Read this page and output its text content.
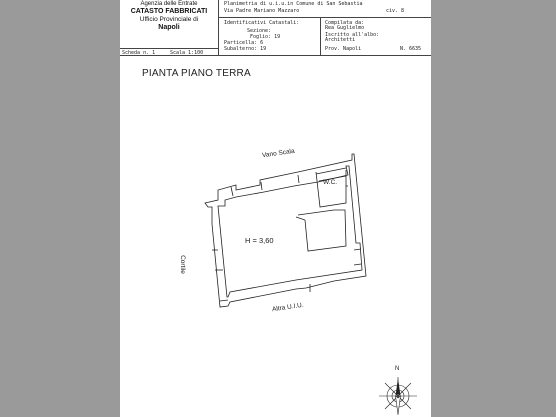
Agenzia delle Entrate
CATASTO FABBRICATI
Ufficio Provinciale di
Napoli
Scheda n. 1	Scala 1:100
Planimetria di u.i.u.in Comune di San Sebastia
Via Padre Mariano Mazzaro	civ. 8
Identificativi Catastali:
Sezione:
Foglio: 19
Particella: 6
Subalterno: 19
Compilata da:
Rea Guglielmo
Iscritto all'albo:
Architetti
Prov. Napoli	N. 6635
PIANTA PIANO TERRA
Vano Scala
W.C.
H = 3,60
Cortile
Altra U.I.U.
N
